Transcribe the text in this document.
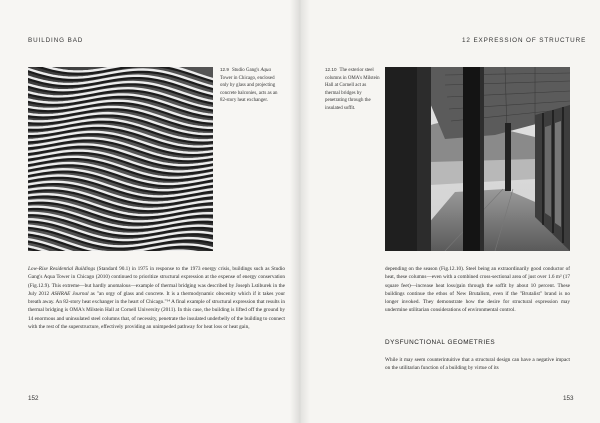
BUILDING BAD	12 EXPRESSION OF STRUCTURE
12.9 Studio Gang's Aqua Tower in Chicago, enclosed only by glass and projecting concrete balconies, acts as an 82-story heat exchanger.
12.10 The exterior steel columns in OMA's Milstein Hall at Cornell act as thermal bridges by penetrating through the insulated soffit.
Low-Rise Residential Buildings (Standard 90.1) in 1975 in response to the 1973 energy crisis, buildings such as Studio Gang's Aqua Tower in Chicago (2010) continued to prioritize structural expression at the expense of energy conservation (Fig.12.9). This extreme—but hardly anomalous—example of thermal bridging was described by Joseph Lstiburek in the July 2012 ASHRAE Journal as "an orgy of glass and concrete. It is a thermodynamic obscenity which if it takes your breath away. An 82-story heat exchanger in the heart of Chicago."¹⁴ A final example of structural expression that results in thermal bridging is OMA's Milstein Hall at Cornell University (2011). In this case, the building is lifted off the ground by 14 enormous and uninsulated steel columns that, of necessity, penetrate the insulated underbelly of the building to connect with the rest of the superstructure, effectively providing an unimpeded pathway for heat loss or heat gain,
depending on the season (Fig.12.10). Steel being an extraordinarily good conductor of heat, these columns—even with a combined cross-sectional area of just over 1.6 m² (17 square feet)—increase heat loss/gain through the soffit by about 10 percent. These buildings continue the ethos of New Brutalism, even if the "Brutalist" brand is no longer invoked. They demonstrate how the desire for structural expression may undermine utilitarian considerations of environmental control.
DYSFUNCTIONAL GEOMETRIES
While it may seem counterintuitive that a structural design can have a negative impact on the utilitarian function of a building by virtue of its
152	153
